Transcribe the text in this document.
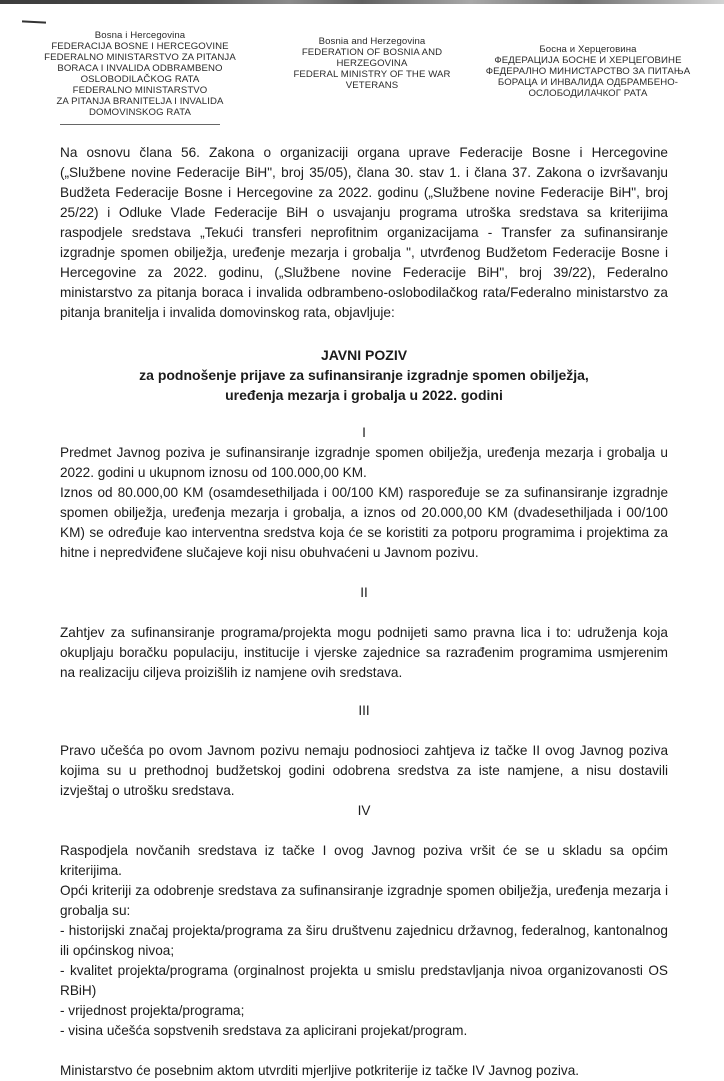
Bosna i Hercegovina
FEDERACIJA BOSNE I HERCEGOVINE
FEDERALNO MINISTARSTVO ZA PITANJA
BORACA I INVALIDA ODBRAMBENO
OSLOBODILAČKOG RATA
FEDERALNO MINISTARSTVO
ZA PITANJA BRANITELJA I INVALIDA
DOMOVINSKOG RATA
Bosnia and Herzegovina
FEDERATION OF BOSNIA AND
HERZEGOVINA
FEDERAL MINISTRY OF THE WAR
VETERANS
Босна и Херцеговина
ФЕДЕРАЦИЈА БОСНЕ И ХЕРЦЕГОВИНЕ
ФЕДЕРАЛНО МИНИСТАРСТВО ЗА ПИТАЊА
БОРАЦА И ИНВАЛИДА ОДБРАМБЕНО-
ОСЛОБОДИЛАЧКОГ РАТА

Na osnovu člana 56. Zakona o organizaciji organa uprave Federacije Bosne i Hercegovine („Službene novine Federacije BiH", broj 35/05), člana 30. stav 1. i člana 37. Zakona o izvršavanju Budžeta Federacije Bosne i Hercegovine za 2022. godinu („Službene novine Federacije BiH", broj 25/22) i Odluke Vlade Federacije BiH o usvajanju programa utroška sredstava sa kriterijima raspodjele sredstava „Tekući transferi neprofitnim organizacijama - Transfer za sufinansiranje izgradnje spomen obilježja, uređenje mezarja i grobalja ", utvrđenog Budžetom Federacije Bosne i Hercegovine za 2022. godinu, („Službene novine Federacije BiH", broj 39/22), Federalno ministarstvo za pitanja boraca i invalida odbrambeno-oslobodilačkog rata/Federalno ministarstvo za pitanja branitelja i invalida domovinskog rata, objavljuje:

JAVNI POZIV
za podnošenje prijave za sufinansiranje izgradnje spomen obilježja,
uređenja mezarja i grobalja u 2022. godini

I

Predmet Javnog poziva je sufinansiranje izgradnje spomen obilježja, uređenja mezarja i grobalja u 2022. godini u ukupnom iznosu od 100.000,00 KM.

Iznos od 80.000,00 KM (osamdesethiljada i 00/100 KM) raspoređuje se za sufinansiranje izgradnje spomen obilježja, uređenja mezarja i grobalja, a iznos od 20.000,00 KM (dvadesethiljada i 00/100 KM) se određuje kao interventna sredstva koja će se koristiti za potporu programima i projektima za hitne i nepredviđene slučajeve koji nisu obuhvaćeni u Javnom pozivu.

II

Zahtjev za sufinansiranje programa/projekta mogu podnijeti samo pravna lica i to: udruženja koja okupljaju boračku populaciju, institucije i vjerske zajednice sa razrađenim programima usmjerenim na realizaciju ciljeva proizišlih iz namjene ovih sredstava.

III

Pravo učešća po ovom Javnom pozivu nemaju podnosioci zahtjeva iz tačke II ovog Javnog poziva kojima su u prethodnoj budžetskoj godini odobrena sredstva za iste namjene, a nisu dostavili izvještaj o utrošku sredstava.

IV

Raspodjela novčanih sredstava iz tačke I ovog Javnog poziva vršit će se u skladu sa općim kriterijima.

Opći kriteriji za odobrenje sredstava za sufinansiranje izgradnje spomen obilježja, uređenja mezarja i grobalja su:

- historijski značaj projekta/programa za širu društvenu zajednicu državnog, federalnog, kantonalnog ili općinskog nivoa;
- kvalitet projekta/programa (orginalnost projekta u smislu predstavljanja nivoa organizovanosti OS RBiH)
- vrijednost projekta/programa;
- visina učešća sopstvenih sredstava za aplicirani projekat/program.

Ministarstvo će posebnim aktom utvrditi mjerljive potkriterije iz tačke IV Javnog poziva.
